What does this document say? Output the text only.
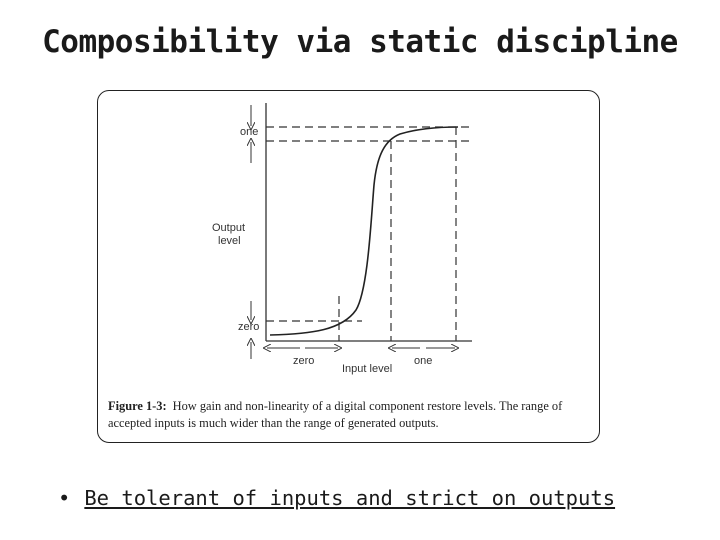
Composibility via static discipline
one
Output
level
zero
zero
Input level
one
Figure 1-3: How gain and non-linearity of a digital component restore levels. The range of accepted inputs is much wider than the range of generated outputs.
• Be tolerant of inputs and strict on outputs
